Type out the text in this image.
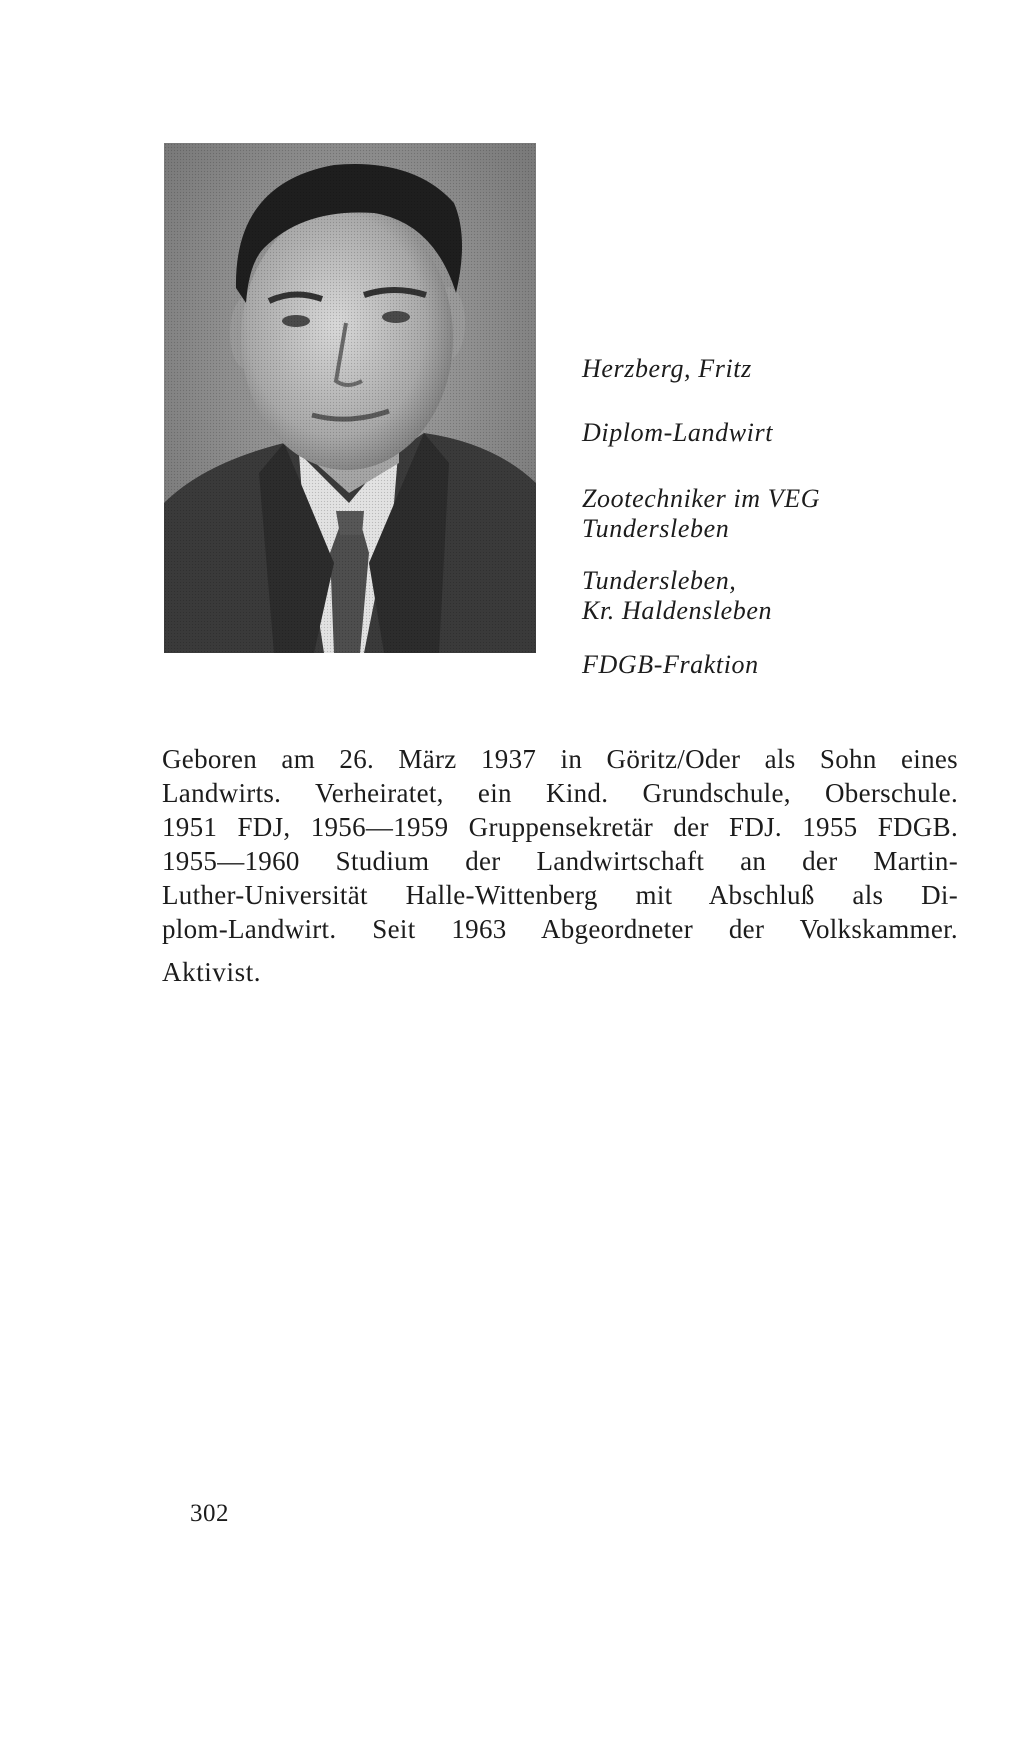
Herzberg, Fritz

Diplom-Landwirt

Zootechniker im VEG
Tundersleben

Tundersleben,
Kr. Haldensleben

FDGB-Fraktion

Geboren am 26. März 1937 in Göritz/Oder als Sohn eines
Landwirts. Verheiratet, ein Kind. Grundschule, Oberschule.
1951 FDJ, 1956—1959 Gruppensekretär der FDJ. 1955 FDGB.
1955—1960 Studium der Landwirtschaft an der Martin-
Luther-Universität Halle-Wittenberg mit Abschluß als Di-
plom-Landwirt. Seit 1963 Abgeordneter der Volkskammer.
Aktivist.
302
